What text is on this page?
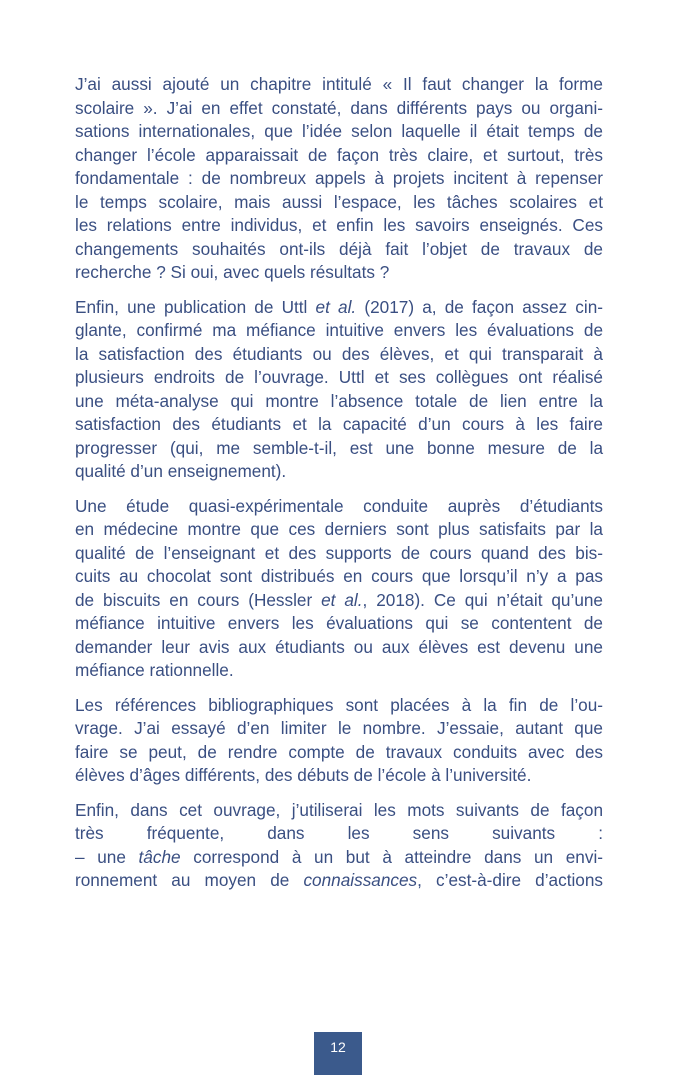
J’ai aussi ajouté un chapitre intitulé « Il faut changer la forme
scolaire ». J’ai en effet constaté, dans différents pays ou organi-
sations internationales, que l’idée selon laquelle il était temps de
changer l’école apparaissait de façon très claire, et surtout, très
fondamentale : de nombreux appels à projets incitent à repenser
le temps scolaire, mais aussi l’espace, les tâches scolaires et
les relations entre individus, et enfin les savoirs enseignés. Ces
changements souhaités ont-ils déjà fait l’objet de travaux de
recherche ? Si oui, avec quels résultats ?

Enfin, une publication de Uttl et al. (2017) a, de façon assez cin-
glante, confirmé ma méfiance intuitive envers les évaluations de
la satisfaction des étudiants ou des élèves, et qui transparait à
plusieurs endroits de l’ouvrage. Uttl et ses collègues ont réalisé
une méta-analyse qui montre l’absence totale de lien entre la
satisfaction des étudiants et la capacité d’un cours à les faire
progresser (qui, me semble-t-il, est une bonne mesure de la
qualité d’un enseignement).

Une étude quasi-expérimentale conduite auprès d’étudiants
en médecine montre que ces derniers sont plus satisfaits par la
qualité de l’enseignant et des supports de cours quand des bis-
cuits au chocolat sont distribués en cours que lorsqu’il n’y a pas
de biscuits en cours (Hessler et al., 2018). Ce qui n’était qu’une
méfiance intuitive envers les évaluations qui se contentent de
demander leur avis aux étudiants ou aux élèves est devenu une
méfiance rationnelle.

Les références bibliographiques sont placées à la fin de l’ou-
vrage. J’ai essayé d’en limiter le nombre. J’essaie, autant que
faire se peut, de rendre compte de travaux conduits avec des
élèves d’âges différents, des débuts de l’école à l’université.

Enfin, dans cet ouvrage, j’utiliserai les mots suivants de façon
très fréquente, dans les sens suivants :
– une tâche correspond à un but à atteindre dans un envi-
ronnement au moyen de connaissances, c’est-à-dire d’actions

12
